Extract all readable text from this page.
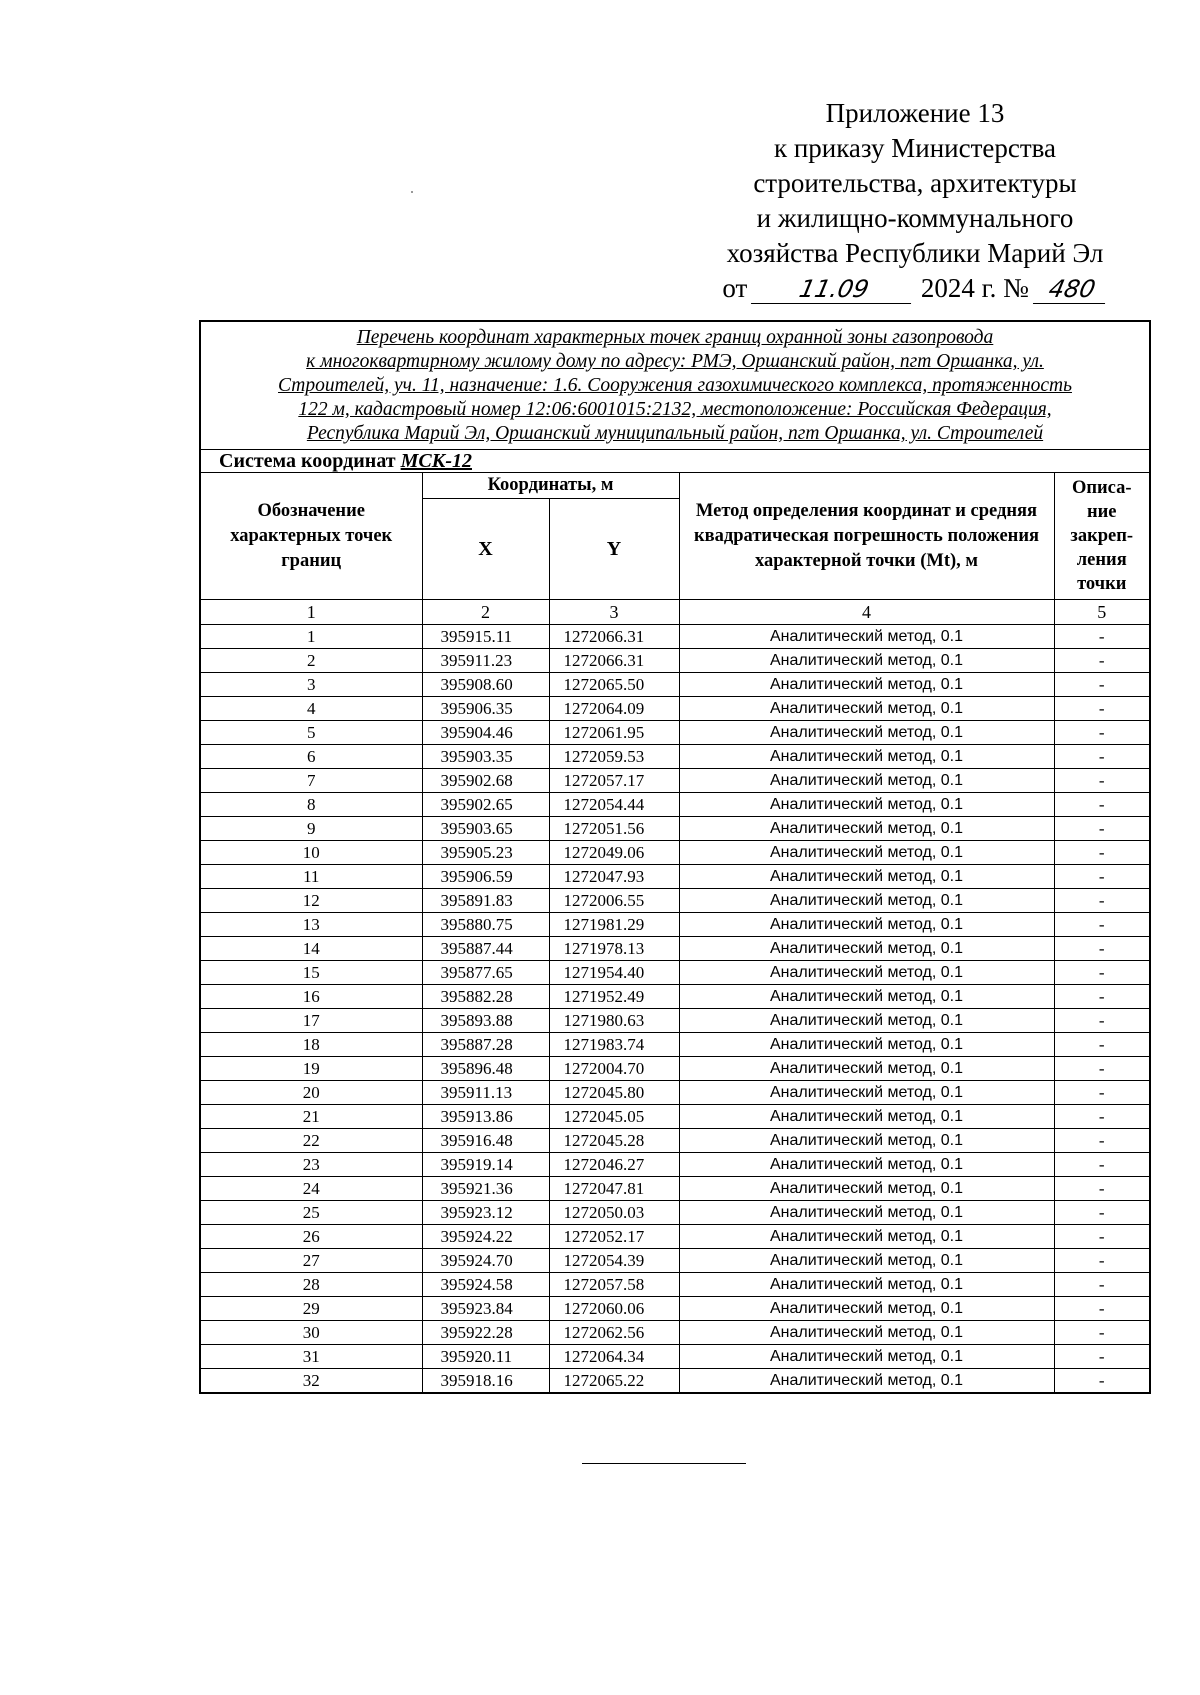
Приложение 13
к приказу Министерства
строительства, архитектуры
и жилищно-коммунального
хозяйства Республики Марий Эл
от 11.09 2024 г. № 480
Перечень координат характерных точек границ охранной зоны газопровода
к многоквартирному жилому дому по адресу: РМЭ, Оршанский район, пгт Оршанка, ул.
Строителей, уч. 11, назначение: 1.6. Сооружения газохимического комплекса, протяженность
122 м, кадастровый номер 12:06:6001015:2132, местоположение: Российская Федерация,
Республика Марий Эл, Оршанский муниципальный район, пгт Оршанка, ул. Строителей				

Система координат МСК-12				
Обозначение характерных точек границ	Координаты, м		Метод определения координат и средняя квадратическая погрешность положения характерной точки (Mt), м	Описа-ние закреп-ления точки
	X	Y		
1	2	3	4	5
1	395915.11	1272066.31	Аналитический метод, 0.1	-
2	395911.23	1272066.31	Аналитический метод, 0.1	-
3	395908.60	1272065.50	Аналитический метод, 0.1	-
4	395906.35	1272064.09	Аналитический метод, 0.1	-
5	395904.46	1272061.95	Аналитический метод, 0.1	-
6	395903.35	1272059.53	Аналитический метод, 0.1	-
7	395902.68	1272057.17	Аналитический метод, 0.1	-
8	395902.65	1272054.44	Аналитический метод, 0.1	-
9	395903.65	1272051.56	Аналитический метод, 0.1	-
10	395905.23	1272049.06	Аналитический метод, 0.1	-
11	395906.59	1272047.93	Аналитический метод, 0.1	-
12	395891.83	1272006.55	Аналитический метод, 0.1	-
13	395880.75	1271981.29	Аналитический метод, 0.1	-
14	395887.44	1271978.13	Аналитический метод, 0.1	-
15	395877.65	1271954.40	Аналитический метод, 0.1	-
16	395882.28	1271952.49	Аналитический метод, 0.1	-
17	395893.88	1271980.63	Аналитический метод, 0.1	-
18	395887.28	1271983.74	Аналитический метод, 0.1	-
19	395896.48	1272004.70	Аналитический метод, 0.1	-
20	395911.13	1272045.80	Аналитический метод, 0.1	-
21	395913.86	1272045.05	Аналитический метод, 0.1	-
22	395916.48	1272045.28	Аналитический метод, 0.1	-
23	395919.14	1272046.27	Аналитический метод, 0.1	-
24	395921.36	1272047.81	Аналитический метод, 0.1	-
25	395923.12	1272050.03	Аналитический метод, 0.1	-
26	395924.22	1272052.17	Аналитический метод, 0.1	-
27	395924.70	1272054.39	Аналитический метод, 0.1	-
28	395924.58	1272057.58	Аналитический метод, 0.1	-
29	395923.84	1272060.06	Аналитический метод, 0.1	-
30	395922.28	1272062.56	Аналитический метод, 0.1	-
31	395920.11	1272064.34	Аналитический метод, 0.1	-
32	395918.16	1272065.22	Аналитический метод, 0.1	-
